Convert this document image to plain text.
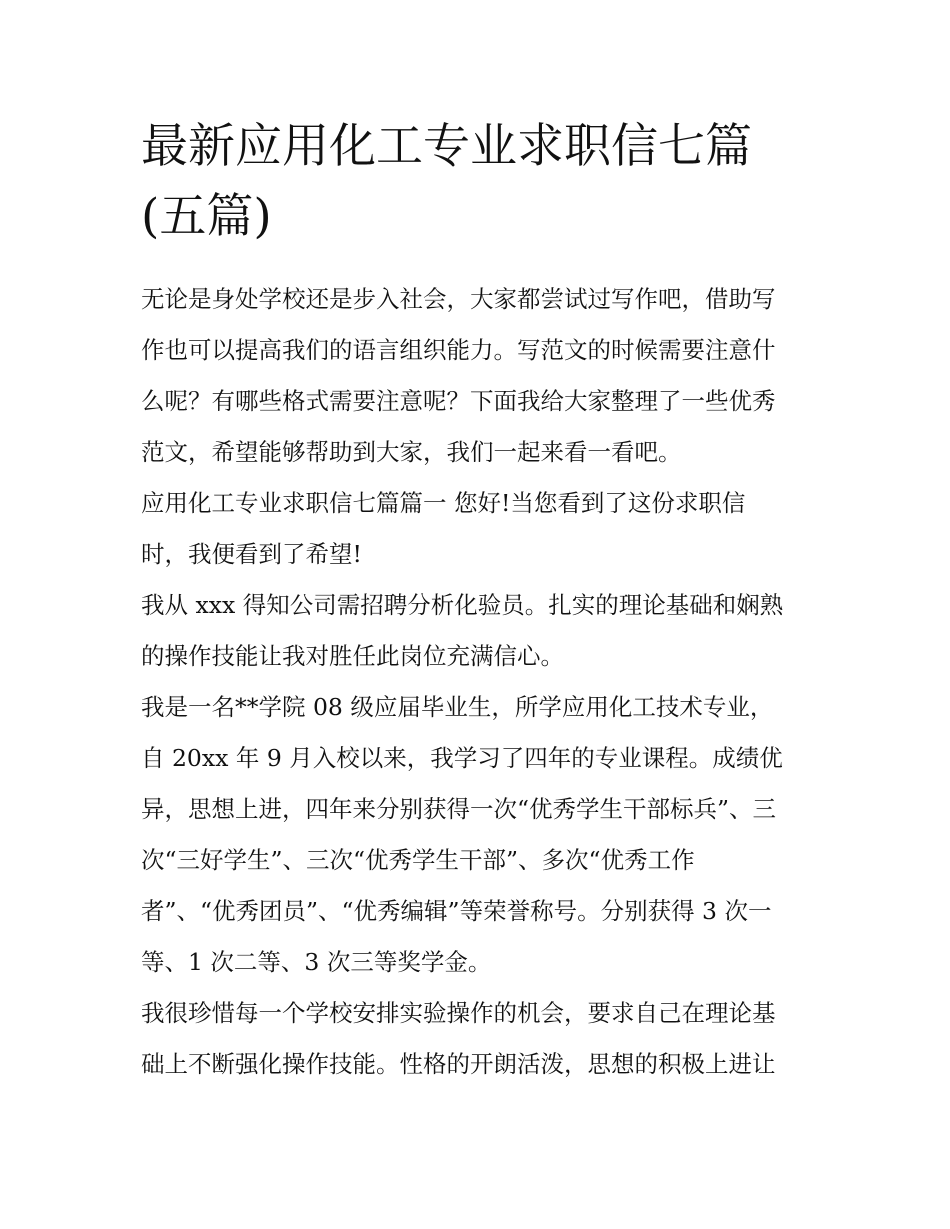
最新应用化工专业求职信七篇
(五篇)
无论是身处学校还是步入社会，大家都尝试过写作吧，借助写
作也可以提高我们的语言组织能力。写范文的时候需要注意什
么呢？有哪些格式需要注意呢？下面我给大家整理了一些优秀
范文，希望能够帮助到大家，我们一起来看一看吧。
应用化工专业求职信七篇篇一 您好!当您看到了这份求职信
时，我便看到了希望!
我从 xxx 得知公司需招聘分析化验员。扎实的理论基础和娴熟
的操作技能让我对胜任此岗位充满信心。
我是一名**学院 08 级应届毕业生，所学应用化工技术专业，
自 20xx 年 9 月入校以来，我学习了四年的专业课程。成绩优
异，思想上进，四年来分别获得一次“优秀学生干部标兵”、三
次“三好学生”、三次“优秀学生干部”、多次“优秀工作
者”、“优秀团员”、“优秀编辑”等荣誉称号。分别获得 3 次一
等、1 次二等、3 次三等奖学金。
我很珍惜每一个学校安排实验操作的机会，要求自己在理论基
础上不断强化操作技能。性格的开朗活泼，思想的积极上进让
